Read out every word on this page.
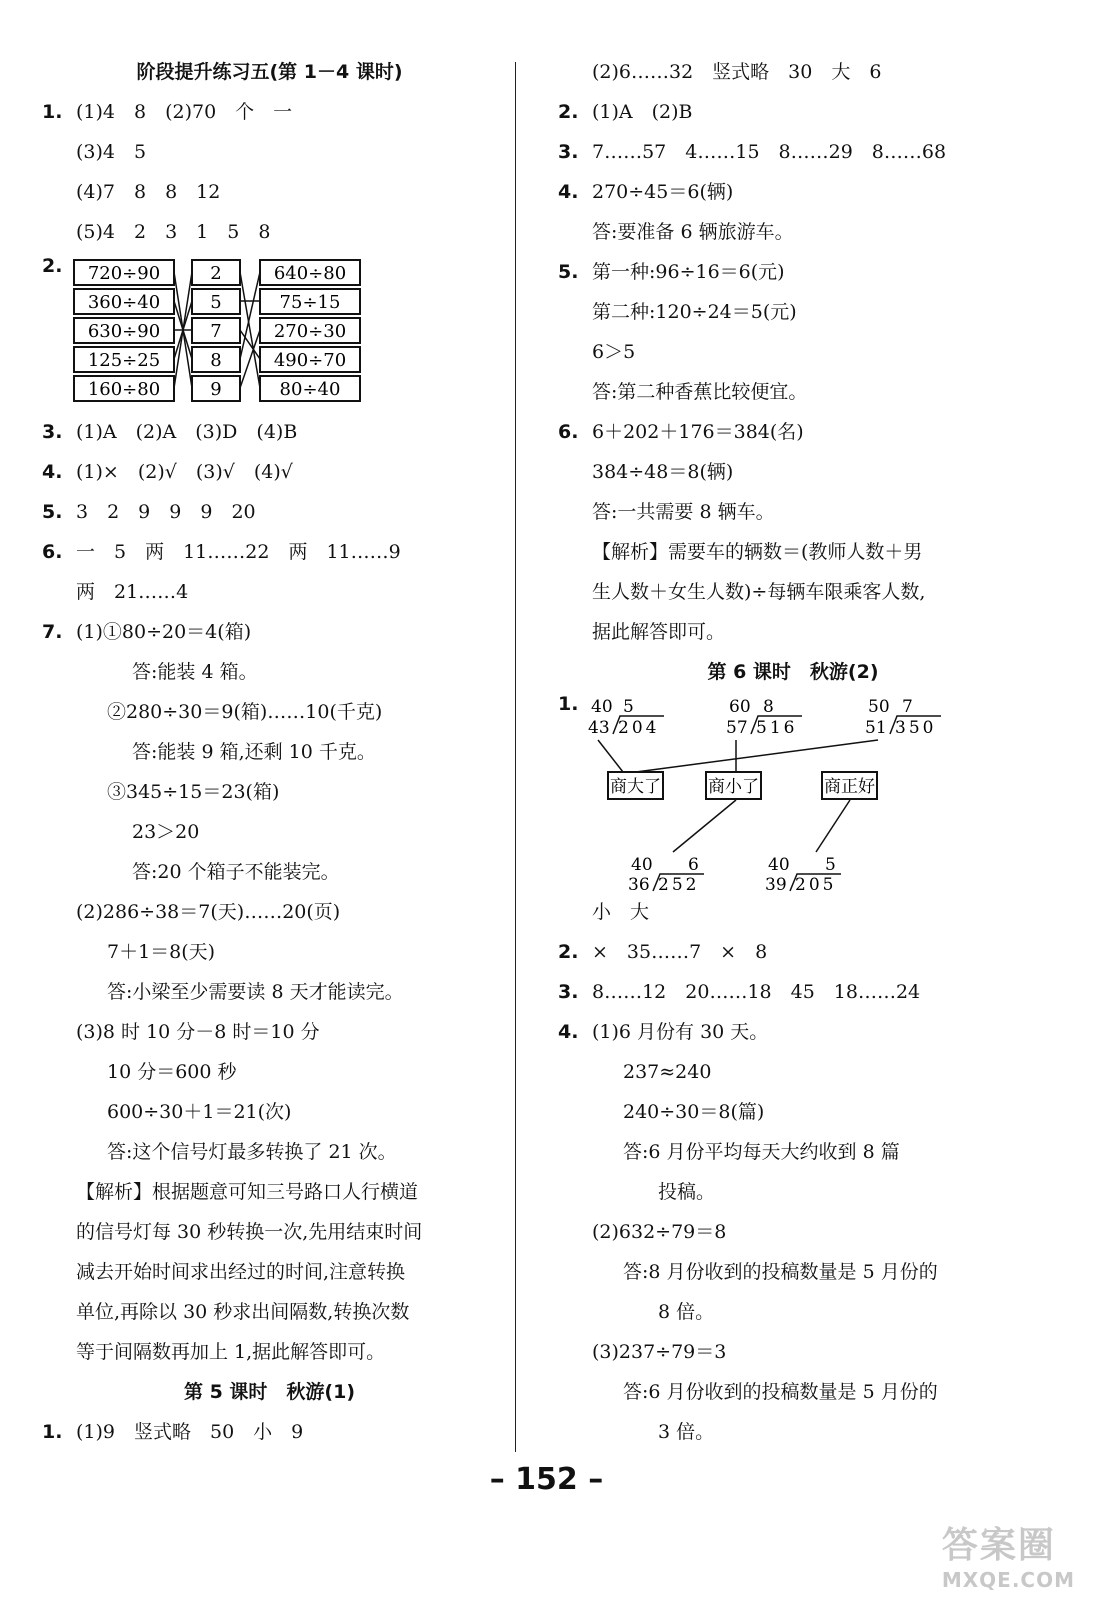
阶段提升练习五(第 1－4 课时)
1. (1)4　8　(2)70　个　一
(3)4　5
(4)7　8　8　12
(5)4　2　3　1　5　8
2. 720÷90
360÷40
630÷90
125÷25
160÷80
2
5
7
8
9
640÷80
75÷15
270÷30
490÷70
80÷40
3. (1)A　(2)A　(3)D　(4)B
4. (1)×　(2)√　(3)√　(4)√
5. 3　2　9　9　9　20
6. 一　5　两　11……22　两　11……9
两　21……4
7. (1)①80÷20＝4(箱)
答:能装 4 箱。
②280÷30＝9(箱)……10(千克)
答:能装 9 箱,还剩 10 千克。
③345÷15＝23(箱)
23＞20
答:20 个箱子不能装完。
(2)286÷38＝7(天)……20(页)
7＋1＝8(天)
答:小梁至少需要读 8 天才能读完。
(3)8 时 10 分－8 时＝10 分
10 分＝600 秒
600÷30＋1＝21(次)
答:这个信号灯最多转换了 21 次。
【解析】根据题意可知三号路口人行横道
的信号灯每 30 秒转换一次,先用结束时间
减去开始时间求出经过的时间,注意转换
单位,再除以 30 秒求出间隔数,转换次数
等于间隔数再加上 1,据此解答即可。
第 5 课时　秋游(1)
1. (1)9　竖式略　50　小　9
(2)6……32　竖式略　30　大　6
2. (1)A　(2)B
3. 7……57　4……15　8……29　8……68
4. 270÷45＝6(辆)
答:要准备 6 辆旅游车。
5. 第一种:96÷16＝6(元)
第二种:120÷24＝5(元)
6＞5
答:第二种香蕉比较便宜。
6. 6＋202＋176＝384(名)
384÷48＝8(辆)
答:一共需要 8 辆车。
【解析】需要车的辆数＝(教师人数＋男
生人数＋女生人数)÷每辆车限乘客人数,
据此解答即可。
第 6 课时　秋游(2)
1. 40 5
43 204
60 8
57 516
50 7
51 350
商大了	商小了	商正好
40 6
36 252
40 5
39 205
小　大
2. ×　35……7　×　8
3. 8……12　20……18　45　18……24
4. (1)6 月份有 30 天。
237≈240
240÷30＝8(篇)
答:6 月份平均每天大约收到 8 篇
投稿。
(2)632÷79＝8
答:8 月份收到的投稿数量是 5 月份的
8 倍。
(3)237÷79＝3
答:6 月份收到的投稿数量是 5 月份的
3 倍。
– 152 –
答案圈
MXQE.COM
